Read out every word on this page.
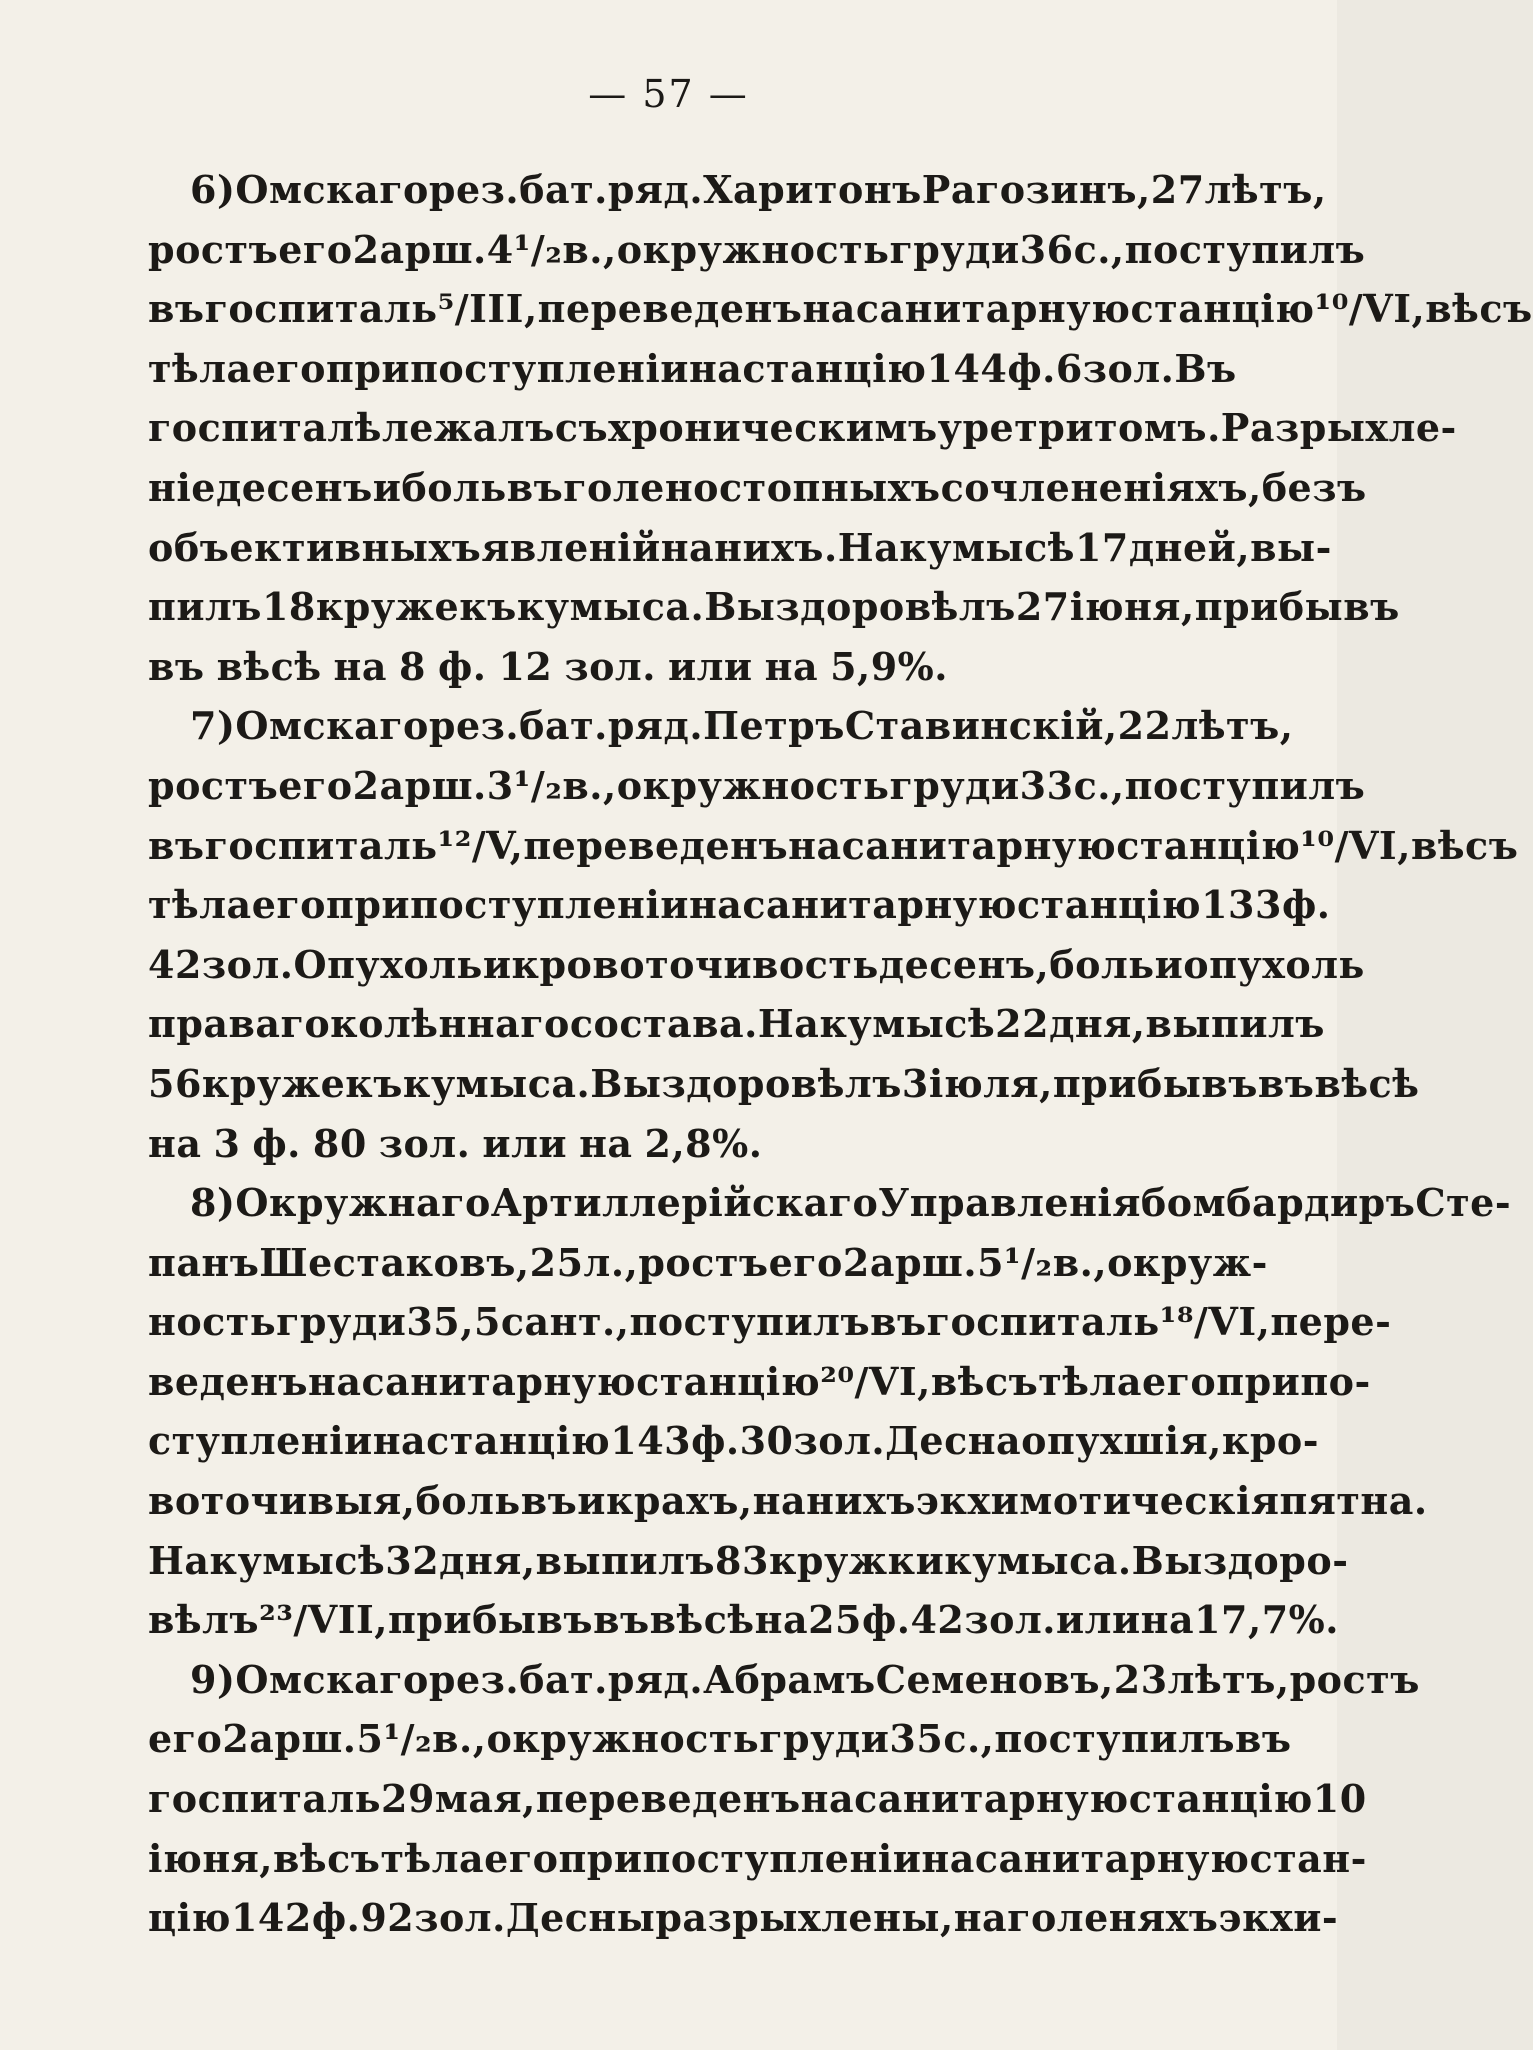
— 57 —
6) Омскаго рез. бат. ряд. Харитонъ Рагозинъ, 27 лѣтъ,
ростъ его 2 арш. 4¹/₂ в., окружность груди 36 с., поступилъ
въ госпиталь ⁵/ІІІ, переведенъ на санитарную станцію ¹⁰/VI, вѣсъ
тѣла его при поступленіи на станцію 144 ф. 6 зол. Въ
госпиталѣ лежалъ съ хроническимъ уретритомъ. Разрыхле-
ніе десенъ и боль въ голеностопныхъ сочлененіяхъ, безъ
объективныхъ явленій на нихъ. На кумысѣ 17 дней, вы-
пилъ 18 кружекъ кумыса. Выздоровѣлъ 27 іюня, прибывъ
въ вѣсѣ на 8 ф. 12 зол. или на 5,9%.
7) Омскаго рез. бат. ряд. Петръ Ставинскій, 22 лѣтъ,
ростъ его 2 арш. 3¹/₂ в., окружность груди 33 с., поступилъ
въ госпиталь ¹²/V, переведенъ на санитарную станцію ¹⁰/VI, вѣсъ
тѣла его при поступленіи на санитарную станцію 133 ф.
42 зол. Опухоль и кровоточивость десенъ, боль и опухоль
праваго колѣннаго состава. На кумысѣ 22 дня, выпилъ
56 кружекъ кумыса. Выздоровѣлъ 3 іюля, прибывъ въ вѣсѣ
на 3 ф. 80 зол. или на 2,8%.
8) Окружнаго Артиллерійскаго Управленія бомбардиръ Сте-
панъ Шестаковъ, 25 л., ростъ его 2 арш. 5¹/₂ в., окруж-
ность груди 35,5 сант., поступилъ въ госпиталь ¹⁸/VI, пере-
веденъ на санитарную станцію ²⁰/VI, вѣсъ тѣла его при по-
ступленіи на станцію 143 ф. 30 зол. Десна опухшія, кро-
воточивыя, боль въ икрахъ, на нихъ экхимотическія пятна.
На кумысѣ 32 дня, выпилъ 83 кружки кумыса. Выздоро-
вѣлъ ²³/VII, прибывъ въ вѣсѣ на 25 ф. 42 зол. или на 17,7%.
9) Омскаго рез. бат. ряд. Абрамъ Семеновъ, 23 лѣтъ, ростъ
его 2 арш. 5¹/₂ в., окружность груди 35 с., поступилъ въ
госпиталь 29 мая, переведенъ на санитарную станцію 10
іюня, вѣсъ тѣла его при поступленіи на санитарную стан-
цію 142 ф. 92 зол. Десны разрыхлены, на голеняхъ экхи-
